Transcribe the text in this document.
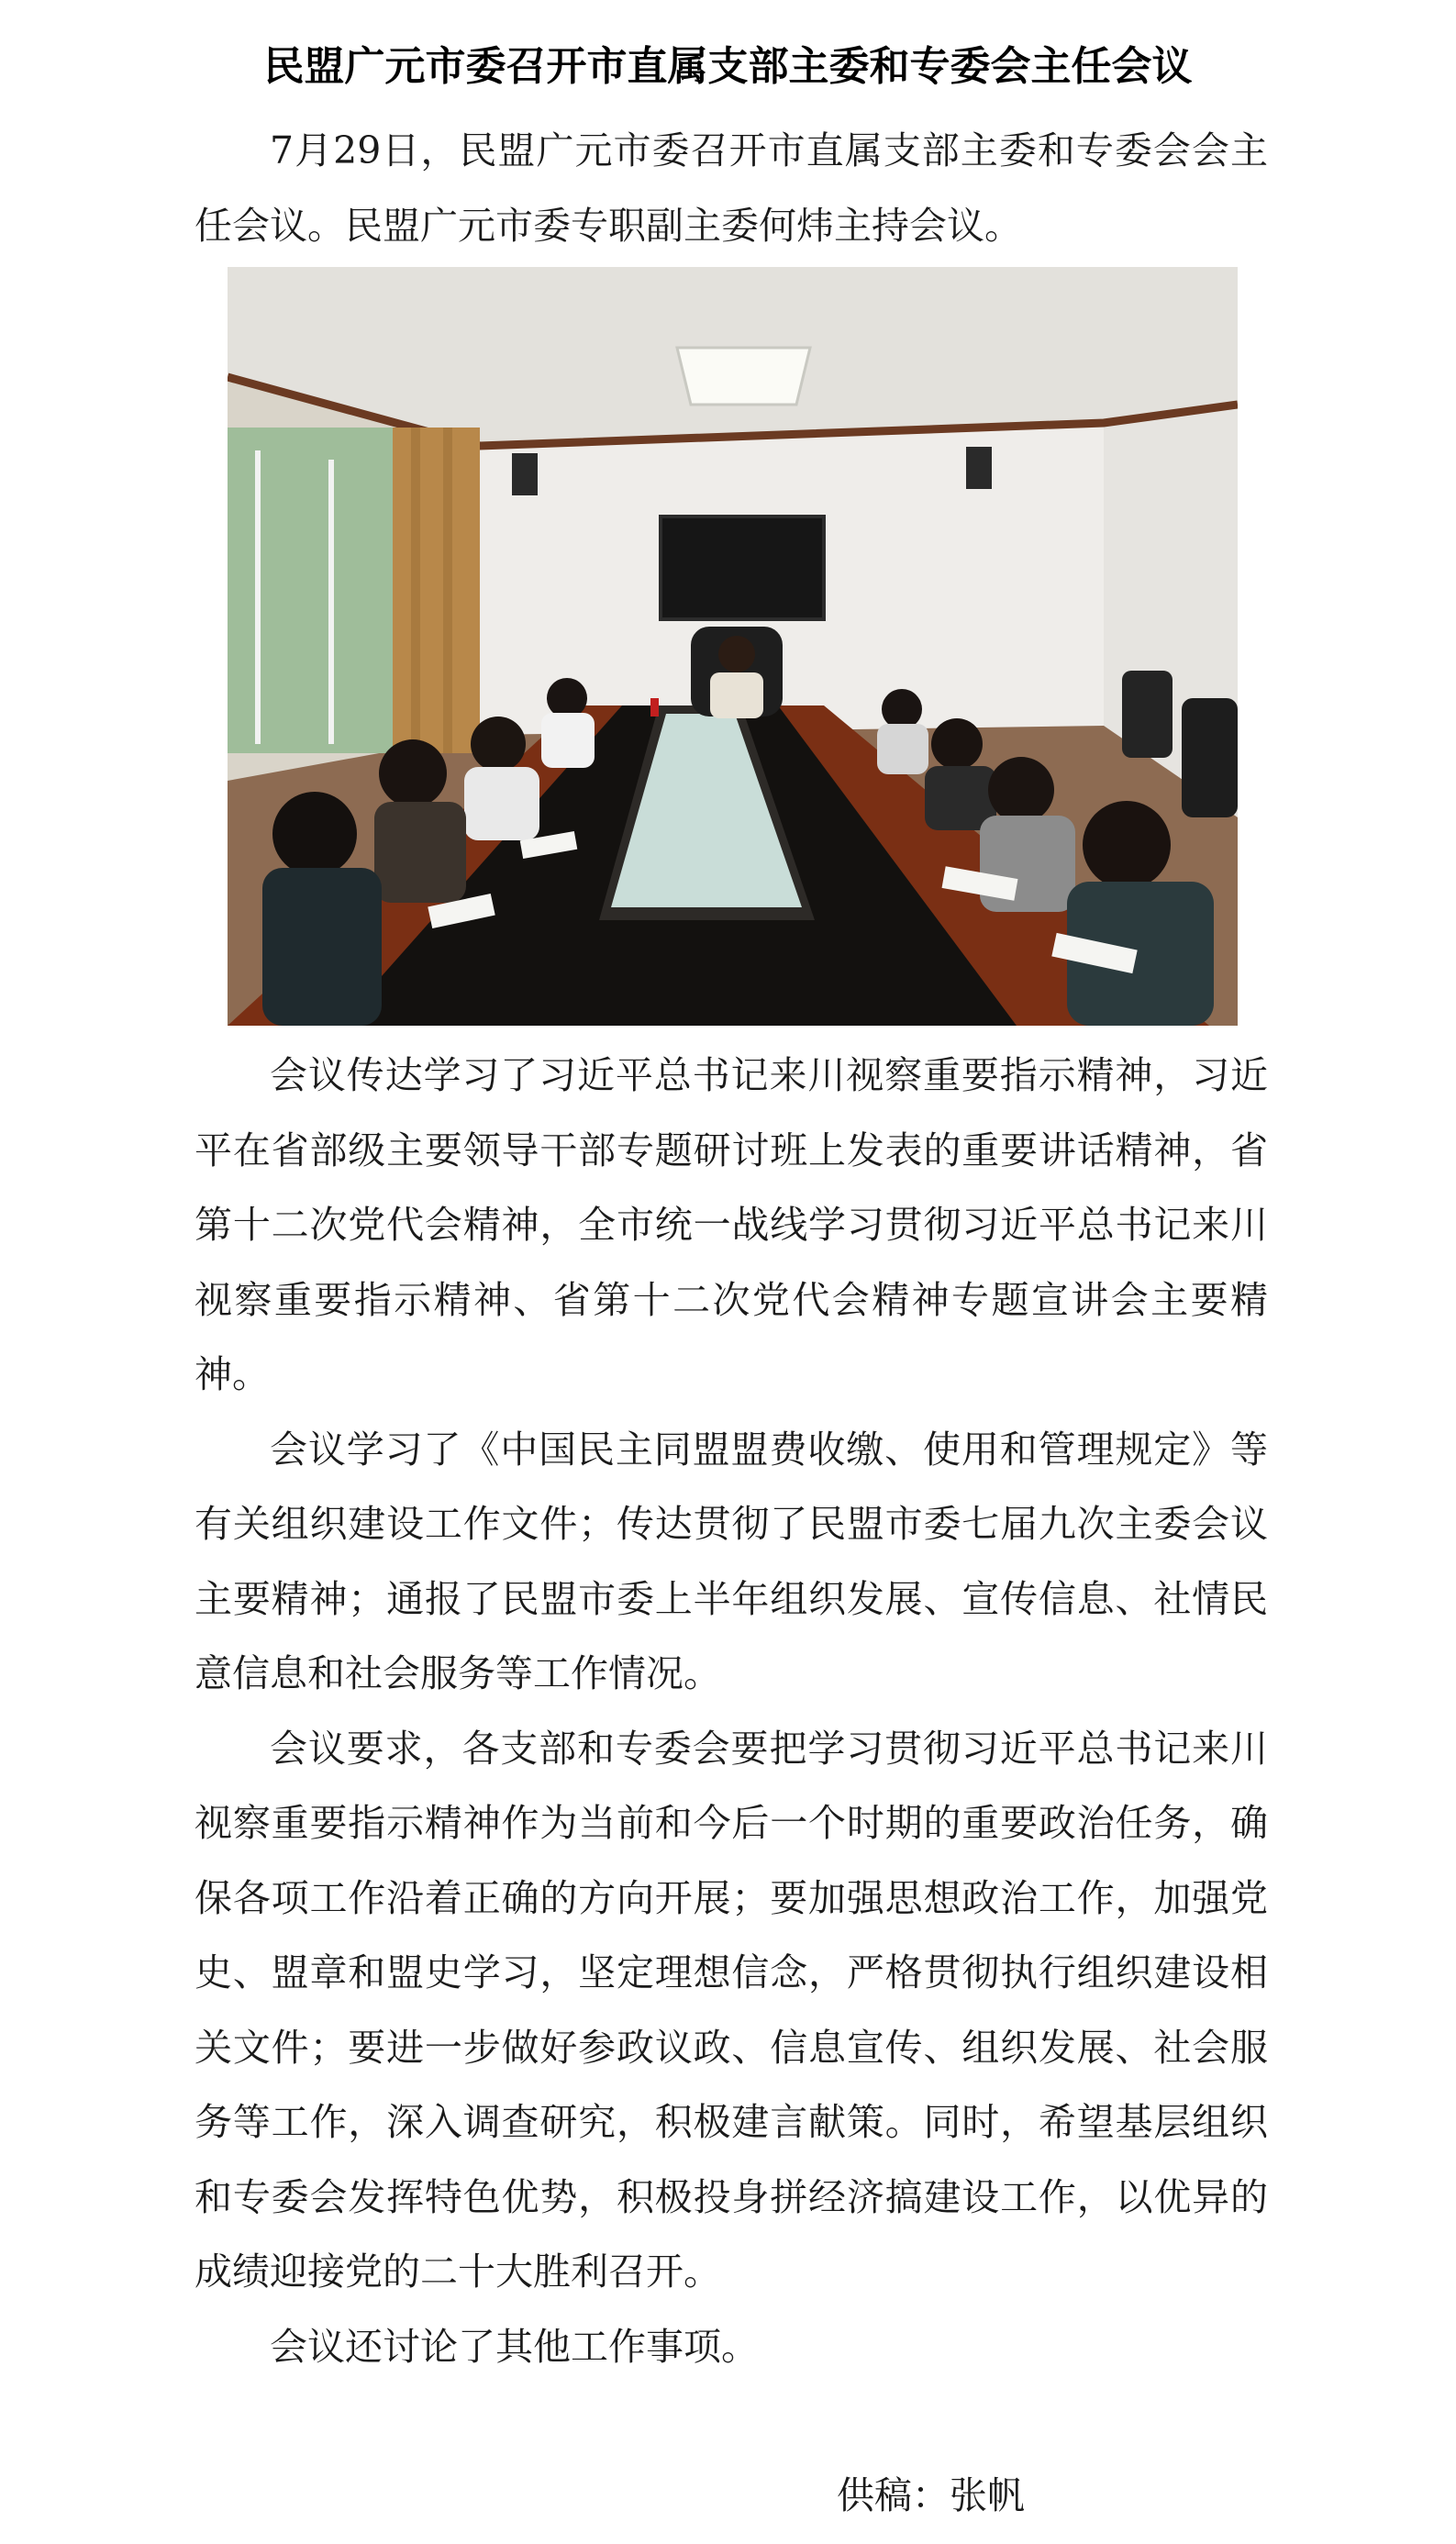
民盟广元市委召开市直属支部主委和专委会主任会议

7月29日，民盟广元市委召开市直属支部主委和专委会会主任会议。民盟广元市委专职副主委何炜主持会议。

会议传达学习了习近平总书记来川视察重要指示精神，习近平在省部级主要领导干部专题研讨班上发表的重要讲话精神，省第十二次党代会精神，全市统一战线学习贯彻习近平总书记来川视察重要指示精神、省第十二次党代会精神专题宣讲会主要精神。

会议学习了《中国民主同盟盟费收缴、使用和管理规定》等有关组织建设工作文件；传达贯彻了民盟市委七届九次主委会议主要精神；通报了民盟市委上半年组织发展、宣传信息、社情民意信息和社会服务等工作情况。

会议要求，各支部和专委会要把学习贯彻习近平总书记来川视察重要指示精神作为当前和今后一个时期的重要政治任务，确保各项工作沿着正确的方向开展；要加强思想政治工作，加强党史、盟章和盟史学习，坚定理想信念，严格贯彻执行组织建设相关文件；要进一步做好参政议政、信息宣传、组织发展、社会服务等工作，深入调查研究，积极建言献策。同时，希望基层组织和专委会发挥特色优势，积极投身拼经济搞建设工作，以优异的成绩迎接党的二十大胜利召开。

会议还讨论了其他工作事项。

供稿：张帆
